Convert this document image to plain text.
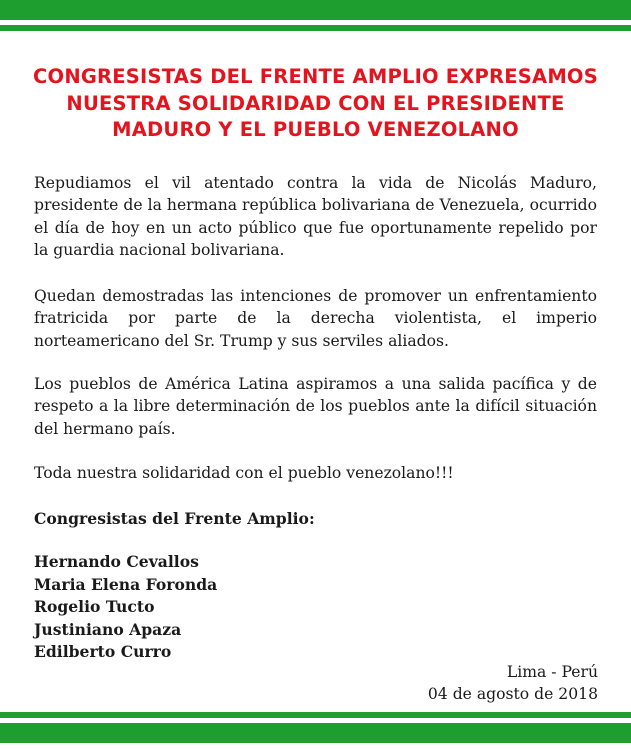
CONGRESISTAS DEL FRENTE AMPLIO EXPRESAMOS NUESTRA SOLIDARIDAD CON EL PRESIDENTE MADURO Y EL PUEBLO VENEZOLANO

Repudiamos el vil atentado contra la vida de Nicolás Maduro, presidente de la hermana república bolivariana de Venezuela, ocurrido el día de hoy en un acto público que fue oportunamente repelido por la guardia nacional bolivariana.

Quedan demostradas las intenciones de promover un enfrentamiento fratricida por parte de la derecha violentista, el imperio norteamericano del Sr. Trump y sus serviles aliados.

Los pueblos de América Latina aspiramos a una salida pacífica y de respeto a la libre determinación de los pueblos ante la difícil situación del hermano país.

Toda nuestra solidaridad con el pueblo venezolano!!!

Congresistas del Frente Amplio:

Hernando Cevallos
Maria Elena Foronda
Rogelio Tucto
Justiniano Apaza
Edilberto Curro
Lima - Perú
04 de agosto de 2018
